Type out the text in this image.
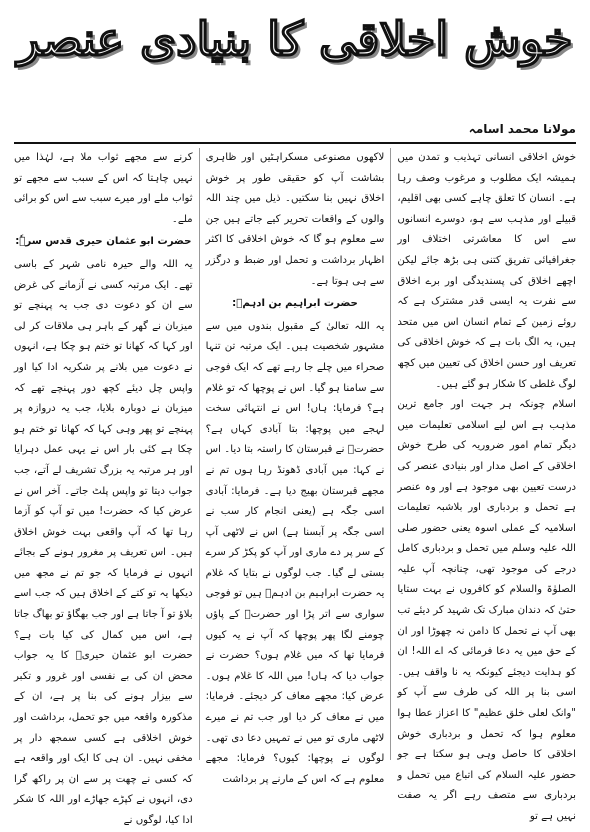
خوش اخلاقی کا بنیادی عنصر
مولانا محمد اسامہ

خوش اخلاقی انسانی تہذیب و تمدن میں ہمیشہ ایک مطلوب و مرغوب وصف رہا ہے۔ انسان کا تعلق چاہے کسی بھی اقلیم، قبیلے اور مذہب سے ہو، دوسرے انسانوں سے اس کا معاشرتی اختلاف اور جغرافیائی تفریق کتنی ہی بڑھ جائے لیکن اچھے اخلاق کی پسندیدگی اور برے اخلاق سے نفرت یہ ایسی قدر مشترک ہے کہ روئے زمین کے تمام انسان اس میں متحد ہیں، یہ الگ بات ہے کہ خوش اخلاقی کی تعریف اور حسن اخلاق کی تعیین میں کچھ لوگ غلطی کا شکار ہو گئے ہیں۔

اسلام چونکہ ہر جہت اور جامع ترین مذہب ہے اس لیے اسلامی تعلیمات میں دیگر تمام امور ضروریہ کی طرح خوش اخلاقی کے اصل مدار اور بنیادی عنصر کی درست تعیین بھی موجود ہے اور وہ عنصر ہے تحمل و بردباری اور بلاشبہ تعلیمات اسلامیہ کے عملی اسوہ یعنی حضور صلی اللہ علیہ وسلم میں تحمل و بردباری کامل درجے کی موجود تھی، چنانچہ آپ علیہ الصلوٰۃ والسلام کو کافروں نے بہت ستایا حتیٰ کہ دندان مبارک تک شہید کر دیئے تب بھی آپ نے تحمل کا دامن نہ چھوڑا اور ان کے حق میں یہ دعا فرمائی کہ اے اللہ! ان کو ہدایت دیجئے کیونکہ یہ نا واقف ہیں۔ اسی بنا پر اللہ کی طرف سے آپ کو "وانک لعلی خلق عظیم" کا اعزاز عطا ہوا معلوم ہوا کہ تحمل و بردباری خوش اخلاقی کا حاصل وہی ہو سکتا ہے جو حضور علیہ السلام کی اتباع میں تحمل و بردباری سے متصف رہے اگر یہ صفت نہیں ہے تو

لاکھوں مصنوعی مسکراہٹیں اور ظاہری بشاشت آپ کو حقیقی طور پر خوش اخلاق نہیں بنا سکتیں۔ ذیل میں چند اللہ والوں کے واقعات تحریر کیے جاتے ہیں جن سے معلوم ہو گا کہ خوش اخلاقی کا اکثر اظہار برداشت و تحمل اور ضبط و درگزر سے ہی ہوتا ہے۔

حضرت ابراہیم بن ادہمؒ:

یہ اللہ تعالیٰ کے مقبول بندوں میں سے مشہور شخصیت ہیں۔ ایک مرتبہ تن تنہا صحراء میں چلے جا رہے تھے کہ ایک فوجی سے سامنا ہو گیا۔ اس نے پوچھا کہ تو غلام ہے؟ فرمایا: ہاں! اس نے انتہائی سخت لہجے میں پوچھا: بتا آبادی کہاں ہے؟ حضرتؒ نے قبرستان کا راستہ بتا دیا۔ اس نے کہا: میں آبادی ڈھونڈ رہا ہوں تم نے مجھے قبرستان بھیج دیا ہے۔ فرمایا: آبادی اسی جگہ ہے (یعنی انجام کار سب نے اسی جگہ پر آبسنا ہے) اس نے لاٹھی آپ کے سر پر دے ماری اور آپ کو پکڑ کر سرے بستی لے گیا۔ جب لوگوں نے بتایا کہ غلام یہ حضرت ابراہیم بن ادہمؒ ہیں تو فوجی سواری سے اتر پڑا اور حضرتؒ کے پاؤں چومنے لگا پھر پوچھا کہ آپ نے یہ کیوں فرمایا تھا کہ میں غلام ہوں؟ حضرت نے جواب دیا کہ ہاں! میں اللہ کا غلام ہوں۔ عرض کیا: مجھے معاف کر دیجئے۔ فرمایا: میں نے معاف کر دیا اور جب تم نے میرے لاٹھی ماری تو میں نے تمہیں دعا دی تھی۔ لوگوں نے پوچھا: کیوں؟ فرمایا: مجھے معلوم ہے کہ اس کے مارنے پر برداشت

کرنے سے مجھے ثواب ملا ہے، لہٰذا میں نہیں چاہتا کہ اس کے سبب سے مجھے تو ثواب ملے اور میرے سبب سے اس کو برائی ملے۔

حضرت ابو عثمان حیری قدس سرہٗ:

یہ اللہ والے حیرہ نامی شہر کے باسی تھے۔ ایک مرتبہ کسی نے آزمانے کی غرض سے ان کو دعوت دی جب یہ پہنچے تو میزبان نے گھر کے باہر ہی ملاقات کر لی اور کہا کہ کھانا تو ختم ہو چکا ہے، انہوں نے دعوت میں بلانے پر شکریہ ادا کیا اور واپس چل دیئے کچھ دور پہنچے تھے کہ میزبان نے دوبارہ بلایا، جب یہ دروازہ پر پہنچے تو پھر وہی کہا کہ کھانا تو ختم ہو چکا ہے کئی بار اس نے یہی عمل دہرایا اور ہر مرتبہ یہ بزرگ تشریف لے آتے، جب جواب دیتا تو واپس پلٹ جاتے۔ آخر اس نے عرض کیا کہ حضرت! میں تو آپ کو آزما رہا تھا کہ آپ واقعی بہت خوش اخلاق ہیں۔ اس تعریف پر مغرور ہونے کے بجائے انہوں نے فرمایا کہ جو تم نے مجھ میں دیکھا یہ تو کتے کے اخلاق ہیں کہ جب اسے بلاؤ تو آ جاتا ہے اور جب بھگاؤ تو بھاگ جاتا ہے، اس میں کمال کی کیا بات ہے؟ حضرت ابو عثمان حیریؒ کا یہ جواب محض ان کی بے نفسی اور غرور و تکبر سے بیزار ہونے کی بنا پر ہے، ان کے مذکورہ واقعہ میں جو تحمل، برداشت اور خوش اخلاقی ہے کسی سمجھ دار پر مخفی نہیں۔ ان ہی کا ایک اور واقعہ ہے کہ کسی نے چھت پر سے ان پر راکھ گرا دی، انہوں نے کپڑے جھاڑے اور اللہ کا شکر ادا کیا، لوگوں نے
